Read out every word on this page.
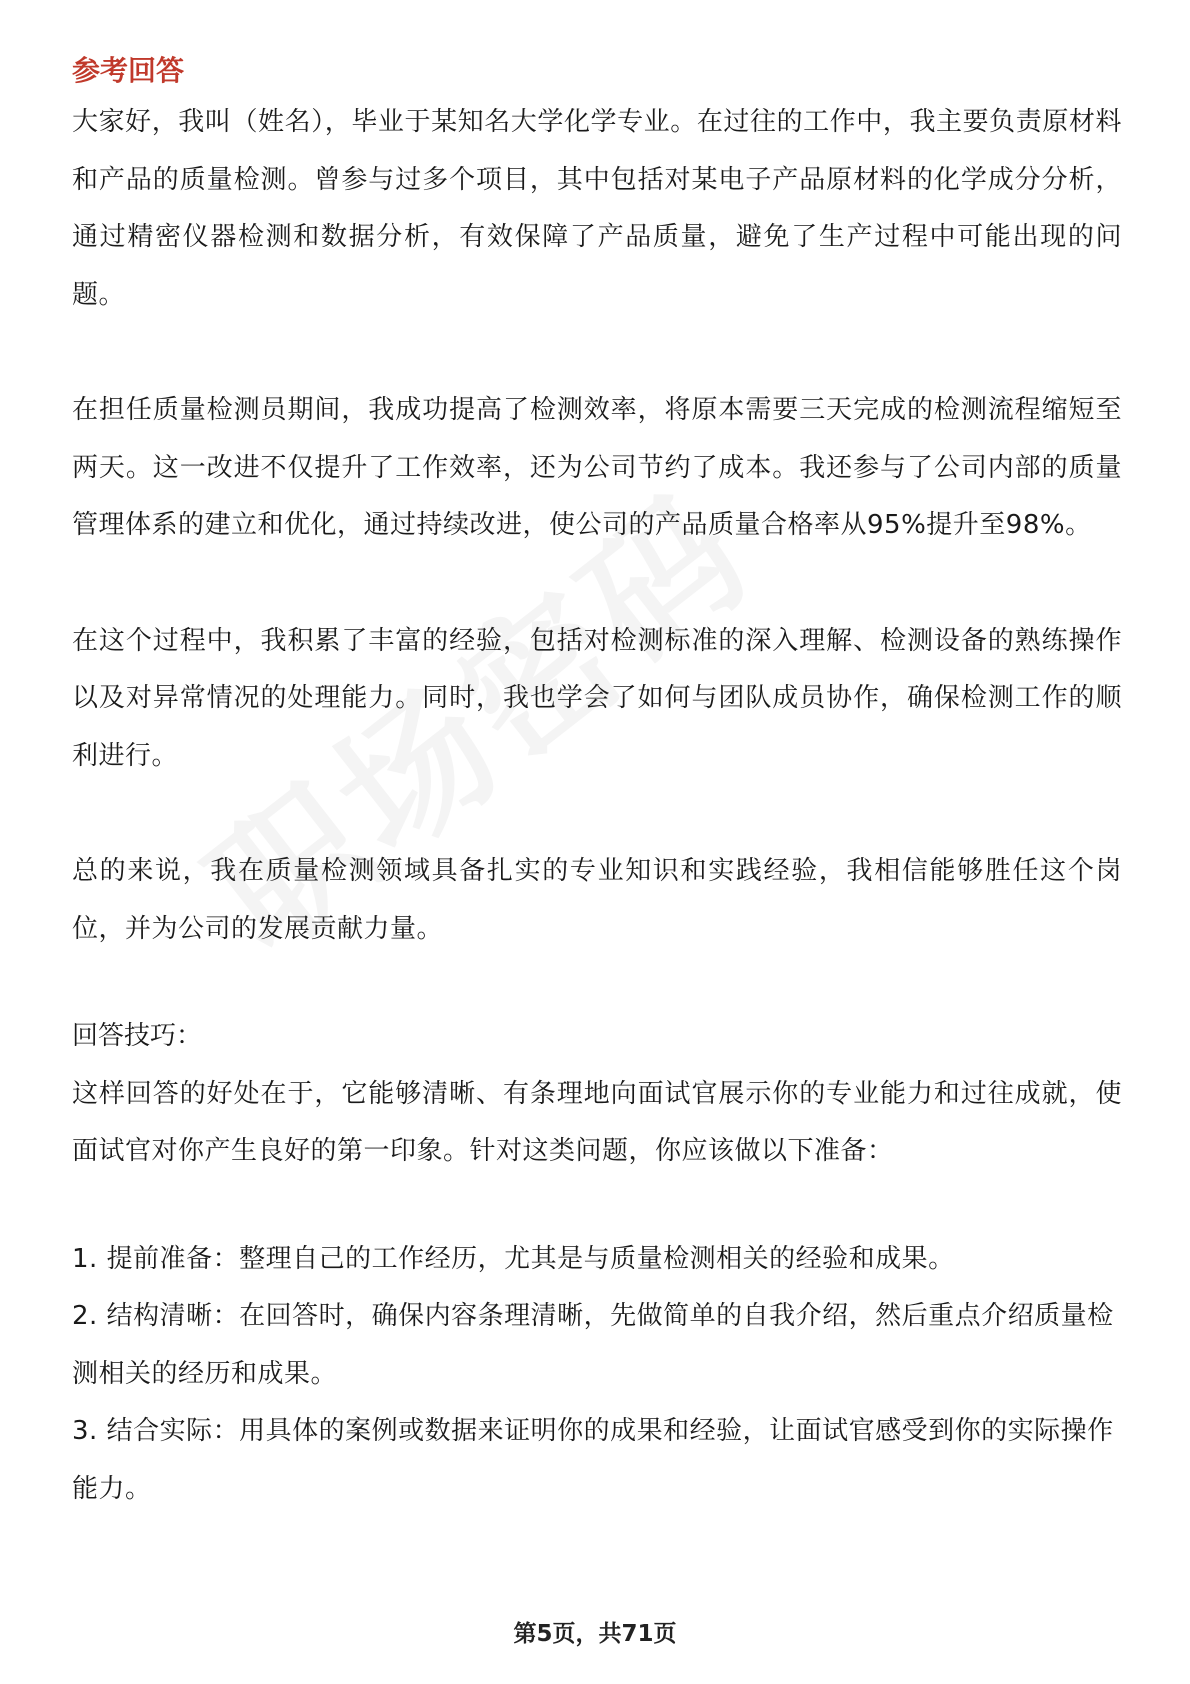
参考回答

大家好，我叫（姓名），毕业于某知名大学化学专业。在过往的工作中，我主要负责原材料和产品的质量检测。曾参与过多个项目，其中包括对某电子产品原材料的化学成分分析，通过精密仪器检测和数据分析，有效保障了产品质量，避免了生产过程中可能出现的问题。

在担任质量检测员期间，我成功提高了检测效率，将原本需要三天完成的检测流程缩短至两天。这一改进不仅提升了工作效率，还为公司节约了成本。我还参与了公司内部的质量管理体系的建立和优化，通过持续改进，使公司的产品质量合格率从95%提升至98%。

在这个过程中，我积累了丰富的经验，包括对检测标准的深入理解、检测设备的熟练操作以及对异常情况的处理能力。同时，我也学会了如何与团队成员协作，确保检测工作的顺利进行。

总的来说，我在质量检测领域具备扎实的专业知识和实践经验，我相信能够胜任这个岗位，并为公司的发展贡献力量。

回答技巧：

这样回答的好处在于，它能够清晰、有条理地向面试官展示你的专业能力和过往成就，使面试官对你产生良好的第一印象。针对这类问题，你应该做以下准备：

1. 提前准备：整理自己的工作经历，尤其是与质量检测相关的经验和成果。

2. 结构清晰：在回答时，确保内容条理清晰，先做简单的自我介绍，然后重点介绍质量检测相关的经历和成果。

3. 结合实际：用具体的案例或数据来证明你的成果和经验，让面试官感受到你的实际操作能力。

第5页，共71页
